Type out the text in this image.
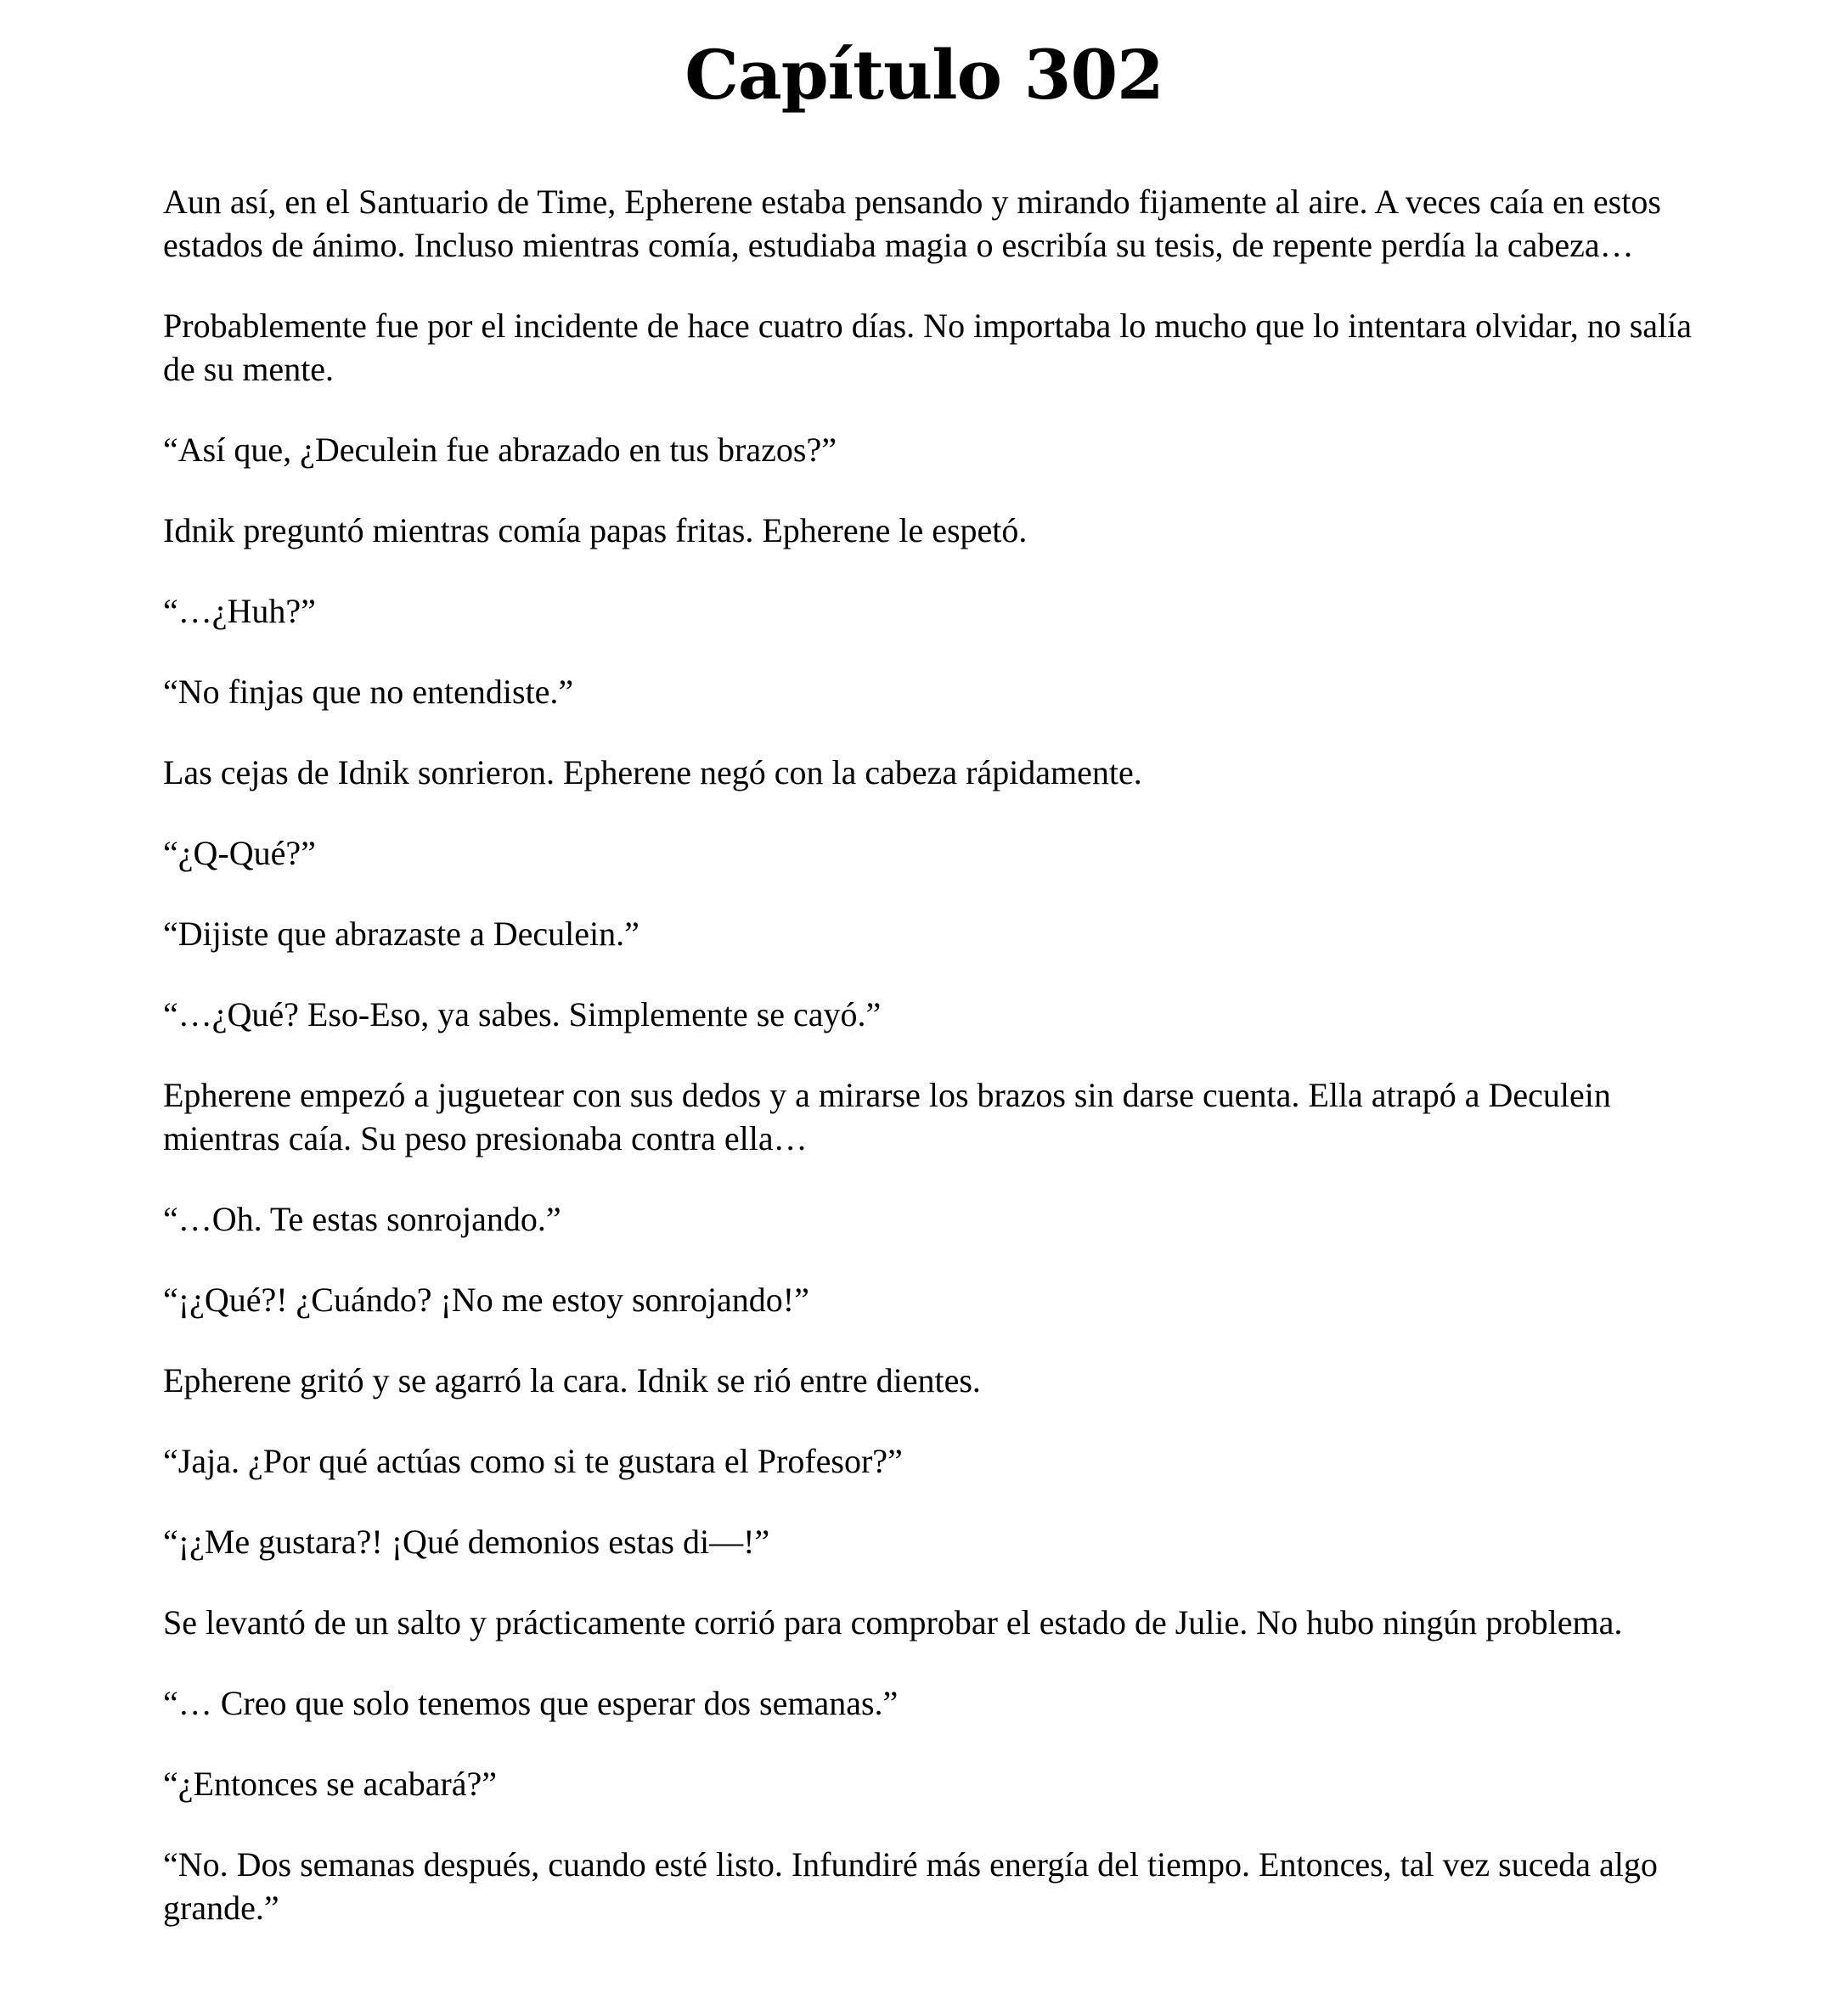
Capítulo 302

Aun así, en el Santuario de Time, Epherene estaba pensando y mirando fijamente al aire. A veces caía en estos estados de ánimo. Incluso mientras comía, estudiaba magia o escribía su tesis, de repente perdía la cabeza…

Probablemente fue por el incidente de hace cuatro días. No importaba lo mucho que lo intentara olvidar, no salía de su mente.

“Así que, ¿Deculein fue abrazado en tus brazos?”

Idnik preguntó mientras comía papas fritas. Epherene le espetó.

“…¿Huh?”

“No finjas que no entendiste.”

Las cejas de Idnik sonrieron. Epherene negó con la cabeza rápidamente.

“¿Q-Qué?”

“Dijiste que abrazaste a Deculein.”

“…¿Qué? Eso-Eso, ya sabes. Simplemente se cayó.”

Epherene empezó a juguetear con sus dedos y a mirarse los brazos sin darse cuenta. Ella atrapó a Deculein mientras caía. Su peso presionaba contra ella…

“…Oh. Te estas sonrojando.”

“¡¿Qué?! ¿Cuándo? ¡No me estoy sonrojando!”

Epherene gritó y se agarró la cara. Idnik se rió entre dientes.

“Jaja. ¿Por qué actúas como si te gustara el Profesor?”

“¡¿Me gustara?! ¡Qué demonios estas di—!”

Se levantó de un salto y prácticamente corrió para comprobar el estado de Julie. No hubo ningún problema.

“… Creo que solo tenemos que esperar dos semanas.”

“¿Entonces se acabará?”

“No. Dos semanas después, cuando esté listo. Infundiré más energía del tiempo. Entonces, tal vez suceda algo grande.”
